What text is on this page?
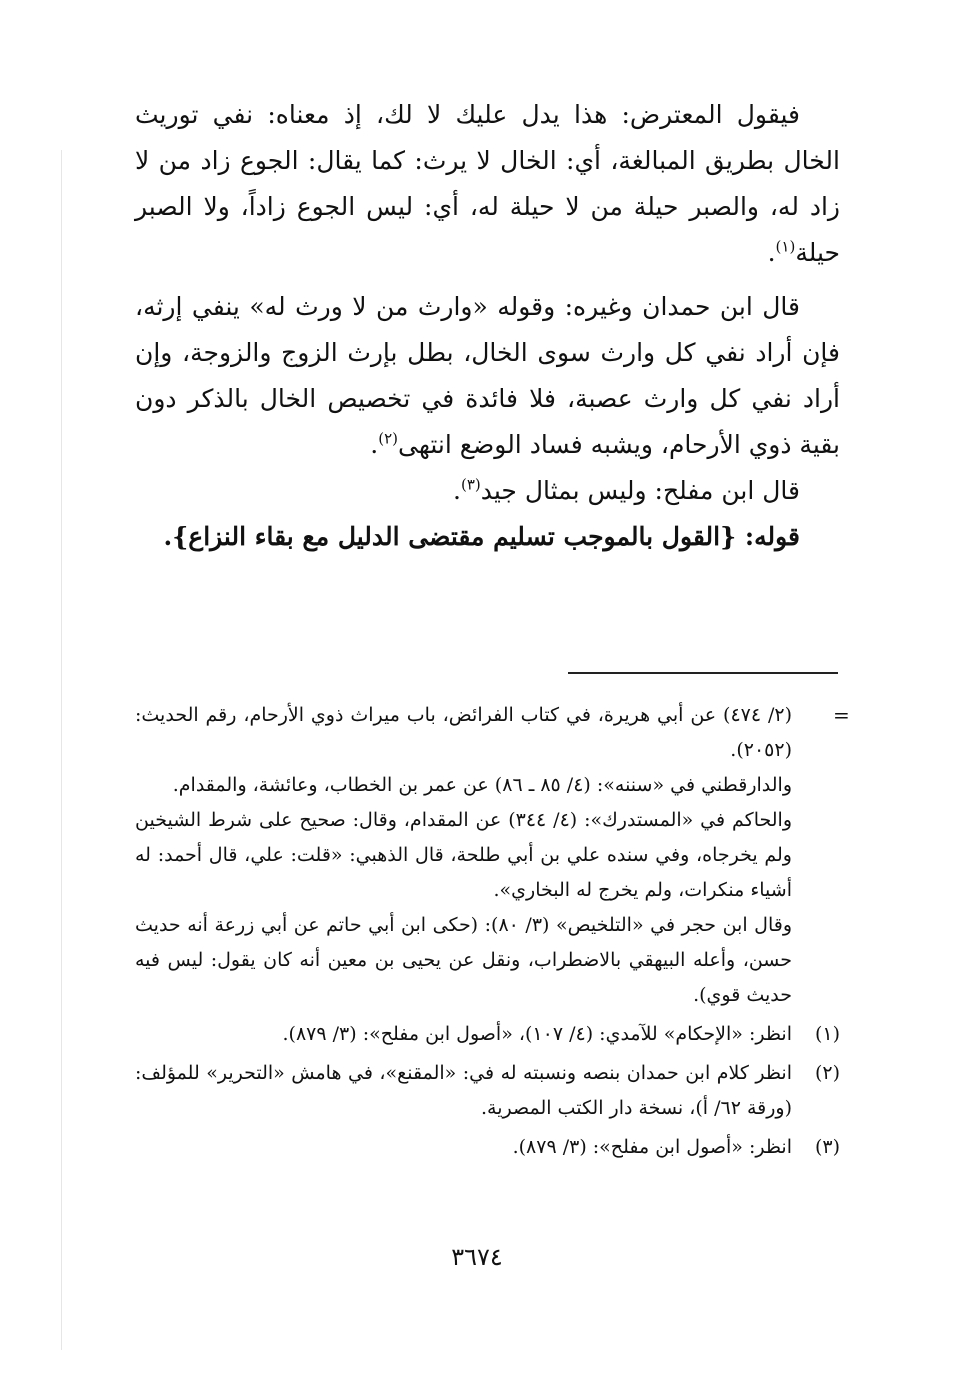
فيقول المعترض: هذا يدل عليك لا لك، إذ معناه: نفي توريث الخال بطريق المبالغة، أي: الخال لا يرث: كما يقال: الجوع زاد من لا زاد له، والصبر حيلة من لا حيلة له، أي: ليس الجوع زاداً، ولا الصبر حيلة$^{(١)}$.

قال ابن حمدان وغيره: وقوله «وارث من لا ورث له» ينفي إرثه، فإن أراد نفي كل وارث سوى الخال، بطل بإرث الزوج والزوجة، وإن أراد نفي كل وارث عصبة، فلا فائدة في تخصيص الخال بالذكر دون بقية ذوي الأرحام، ويشبه فساد الوضع انتهى$^{(٢)}$.

قال ابن مفلح: وليس بمثال جيد$^{(٣)}$.

قوله: {القول بالموجب تسليم مقتضى الدليل مع بقاء النزاع}.

=

(٢/ ٤٧٤) عن أبي هريرة، في كتاب الفرائض، باب ميراث ذوي الأرحام، رقم الحديث: (٢٠٥٢).

والدارقطني في «سننه»: (٤/ ٨٥ ـ ٨٦) عن عمر بن الخطاب، وعائشة، والمقدام.

والحاكم في «المستدرك»: (٤/ ٣٤٤) عن المقدام، وقال: صحيح على شرط الشيخين ولم يخرجاه، وفي سنده علي بن أبي طلحة، قال الذهبي: «قلت: علي، قال أحمد: له أشياء منكرات، ولم يخرج له البخاري».

وقال ابن حجر في «التلخيص» (٣/ ٨٠): (حكى ابن أبي حاتم عن أبي زرعة أنه حديث حسن، وأعله البيهقي بالاضطراب، ونقل عن يحيى بن معين أنه كان يقول: ليس فيه حديث قوي).

(١)
انظر: «الإحكام» للآمدي: (٤/ ١٠٧)، «أصول ابن مفلح»: (٣/ ٨٧٩).

(٢)
انظر كلام ابن حمدان بنصه ونسبته له في: «المقنع»، في هامش «التحرير» للمؤلف: (ورقة ٦٢/ أ)، نسخة دار الكتب المصرية.

(٣)
انظر: «أصول ابن مفلح»: (٣/ ٨٧٩).

٣٦٧٤
